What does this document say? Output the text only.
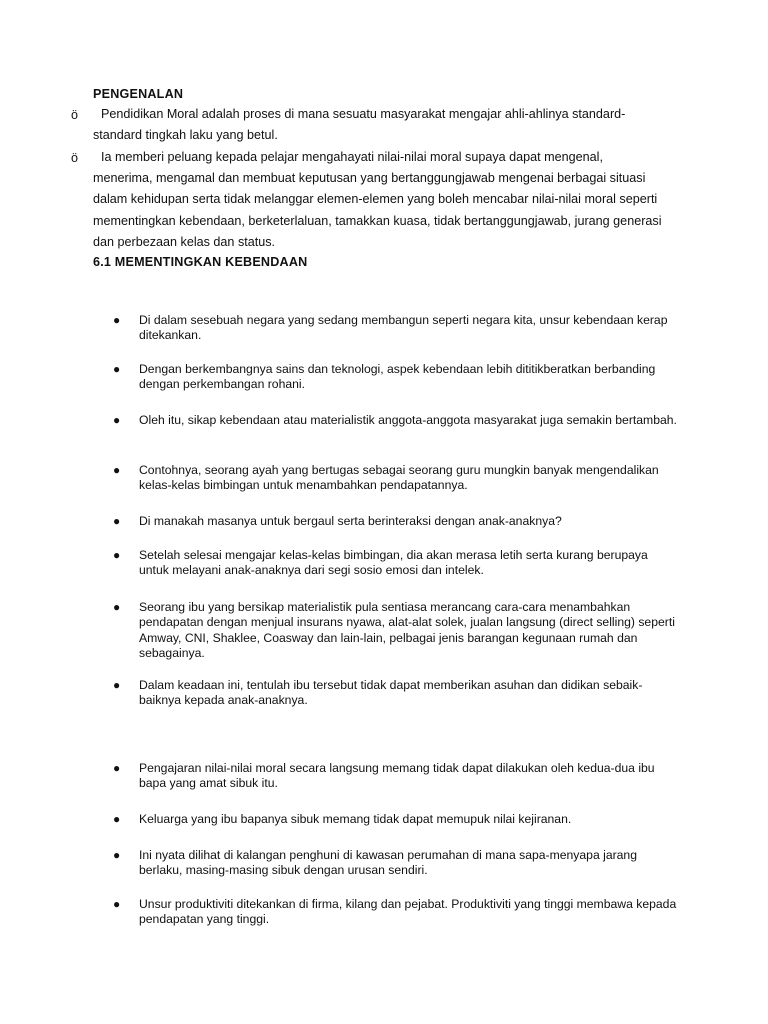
PENGENALAN
ö	Pendidikan Moral adalah proses di mana sesuatu masyarakat mengajar ahli-ahlinya standard-standard tingkah laku yang betul.
ö	Ia memberi peluang kepada pelajar mengahayati nilai-nilai moral supaya dapat mengenal, menerima, mengamal dan membuat keputusan yang bertanggungjawab mengenai berbagai situasi dalam kehidupan serta tidak melanggar elemen-elemen yang boleh mencabar nilai-nilai moral seperti mementingkan kebendaan, berketerlaluan, tamakkan kuasa, tidak bertanggungjawab, jurang generasi dan perbezaan kelas dan status.
6.1 MEMENTINGKAN KEBENDAAN
● Di dalam sesebuah negara yang sedang membangun seperti negara kita, unsur kebendaan kerap ditekankan.
● Dengan berkembangnya sains dan teknologi, aspek kebendaan lebih dititikberatkan berbanding dengan perkembangan rohani.
● Oleh itu, sikap kebendaan atau materialistik anggota-anggota masyarakat juga semakin bertambah.
● Contohnya, seorang ayah yang bertugas sebagai seorang guru mungkin banyak mengendalikan kelas-kelas bimbingan untuk menambahkan pendapatannya.
● Di manakah masanya untuk bergaul serta berinteraksi dengan anak-anaknya?
● Setelah selesai mengajar kelas-kelas bimbingan, dia akan merasa letih serta kurang berupaya untuk melayani anak-anaknya dari segi sosio emosi dan intelek.
● Seorang ibu yang bersikap materialistik pula sentiasa merancang cara-cara menambahkan pendapatan dengan menjual insurans nyawa, alat-alat solek, jualan langsung (direct selling) seperti Amway, CNI, Shaklee, Coasway dan lain-lain, pelbagai jenis barangan kegunaan rumah dan sebagainya.
● Dalam keadaan ini, tentulah ibu tersebut tidak dapat memberikan asuhan dan didikan sebaik-baiknya kepada anak-anaknya.
● Pengajaran nilai-nilai moral secara langsung memang tidak dapat dilakukan oleh kedua-dua ibu bapa yang amat sibuk itu.
● Keluarga yang ibu bapanya sibuk memang tidak dapat memupuk nilai kejiranan.
● Ini nyata dilihat di kalangan penghuni di kawasan perumahan di mana sapa-menyapa jarang berlaku, masing-masing sibuk dengan urusan sendiri.
● Unsur produktiviti ditekankan di firma, kilang dan pejabat. Produktiviti yang tinggi membawa kepada pendapatan yang tinggi.
